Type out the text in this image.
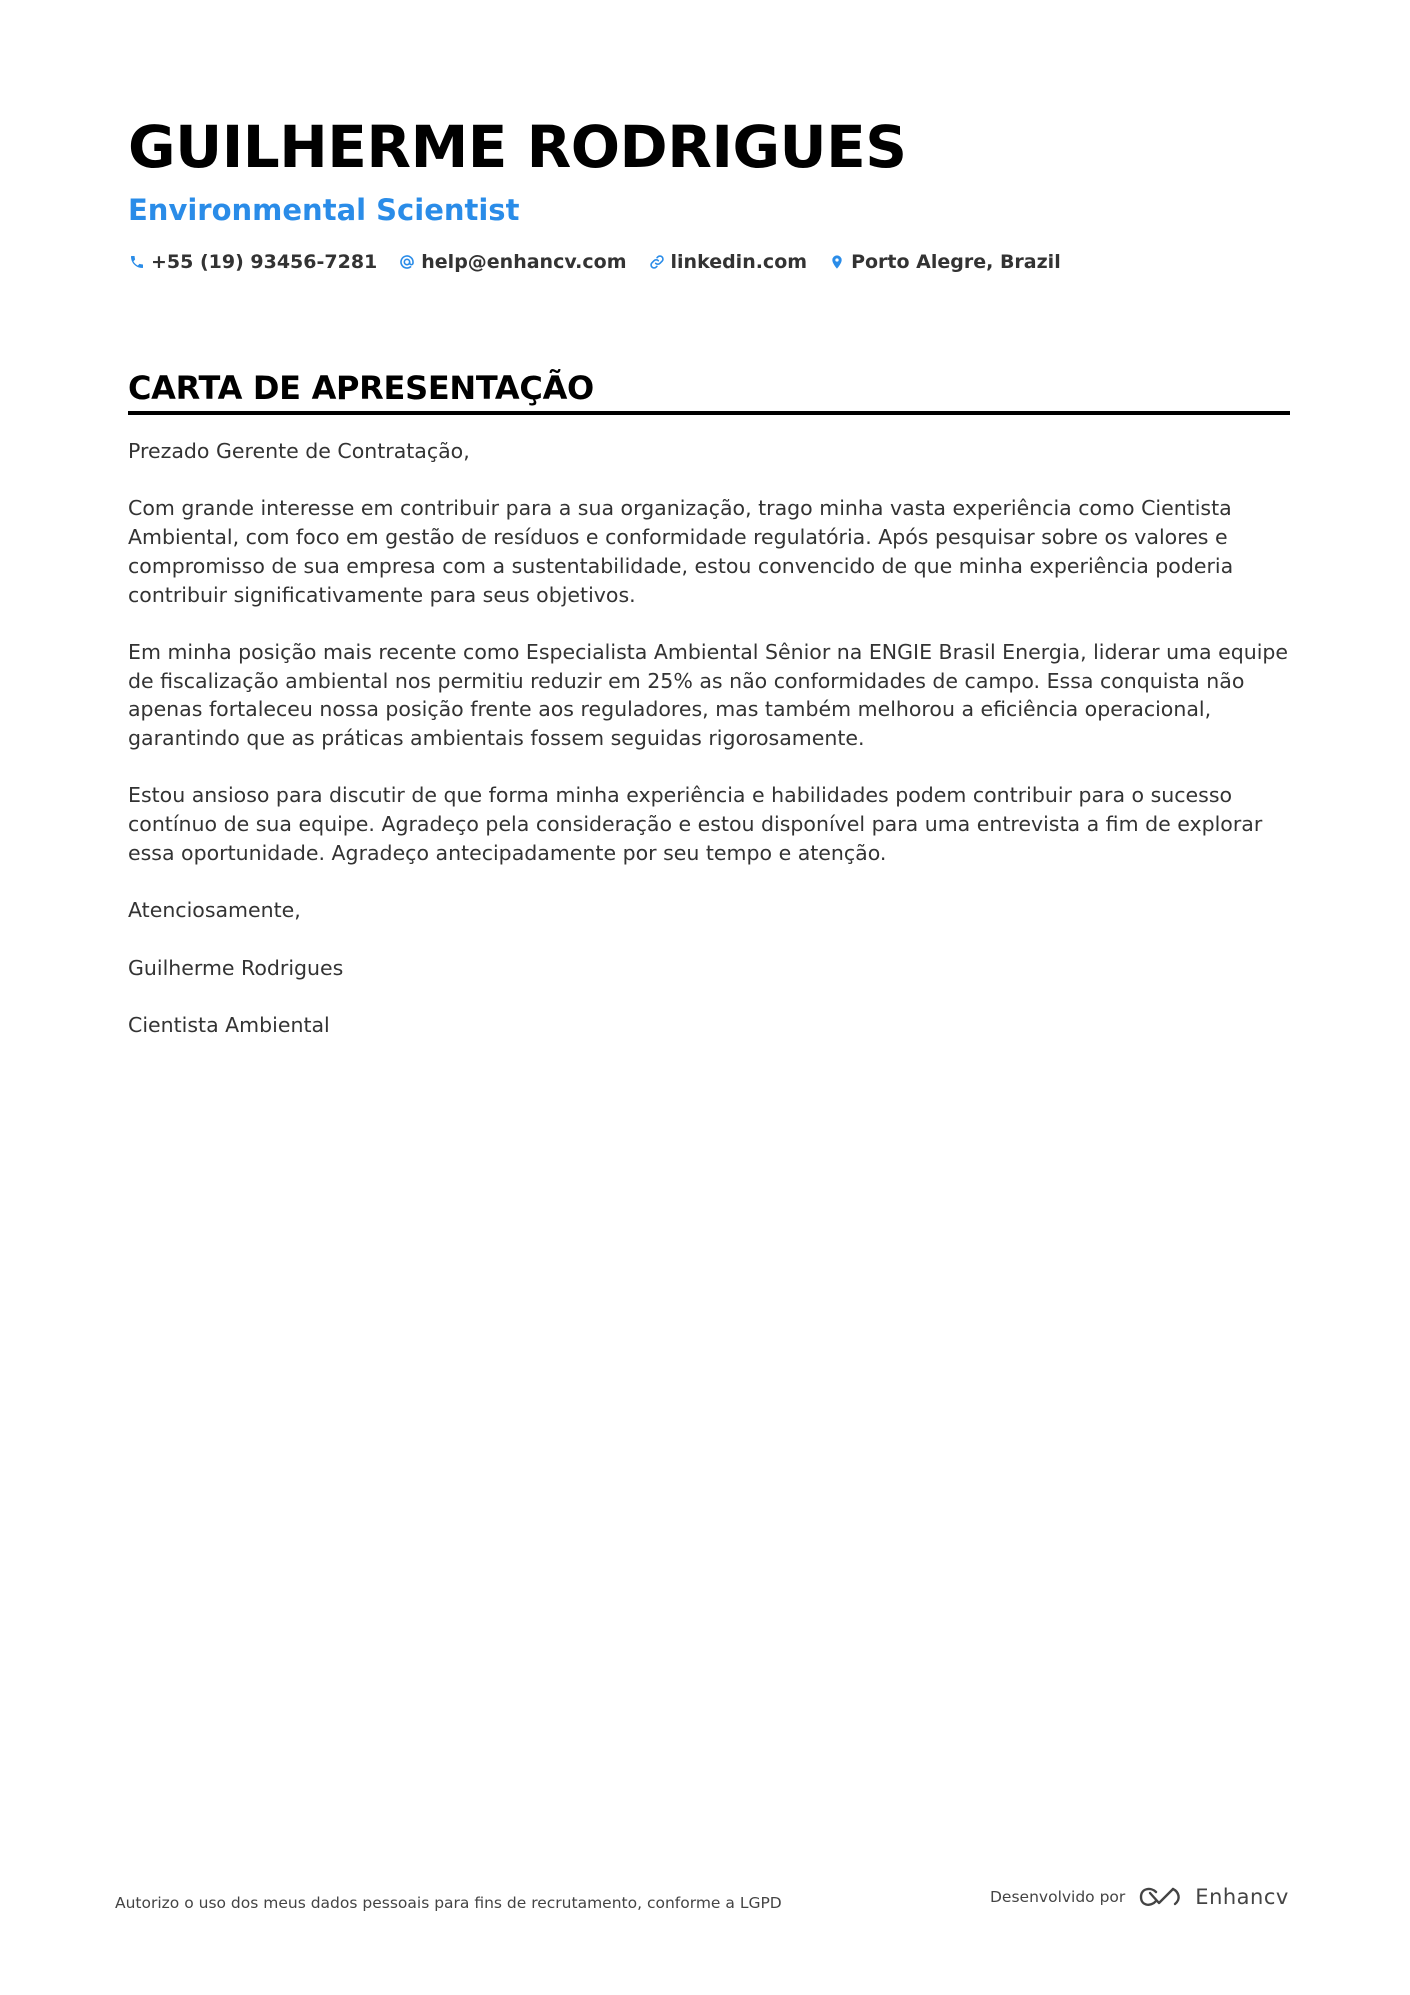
GUILHERME RODRIGUES
Environmental Scientist
+55 (19) 93456-7281 help@enhancv.com linkedin.com Porto Alegre, Brazil
CARTA DE APRESENTAÇÃO

Prezado Gerente de Contratação,

Com grande interesse em contribuir para a sua organização, trago minha vasta experiência como Cientista Ambiental, com foco em gestão de resíduos e conformidade regulatória. Após pesquisar sobre os valores e compromisso de sua empresa com a sustentabilidade, estou convencido de que minha experiência poderia contribuir significativamente para seus objetivos.

Em minha posição mais recente como Especialista Ambiental Sênior na ENGIE Brasil Energia, liderar uma equipe de fiscalização ambiental nos permitiu reduzir em 25% as não conformidades de campo. Essa conquista não apenas fortaleceu nossa posição frente aos reguladores, mas também melhorou a eficiência operacional, garantindo que as práticas ambientais fossem seguidas rigorosamente.

Estou ansioso para discutir de que forma minha experiência e habilidades podem contribuir para o sucesso contínuo de sua equipe. Agradeço pela consideração e estou disponível para uma entrevista a fim de explorar essa oportunidade. Agradeço antecipadamente por seu tempo e atenção.

Atenciosamente,

Guilherme Rodrigues

Cientista Ambiental

Autorizo o uso dos meus dados pessoais para fins de recrutamento, conforme a LGPD	Desenvolvido por	Enhancv
